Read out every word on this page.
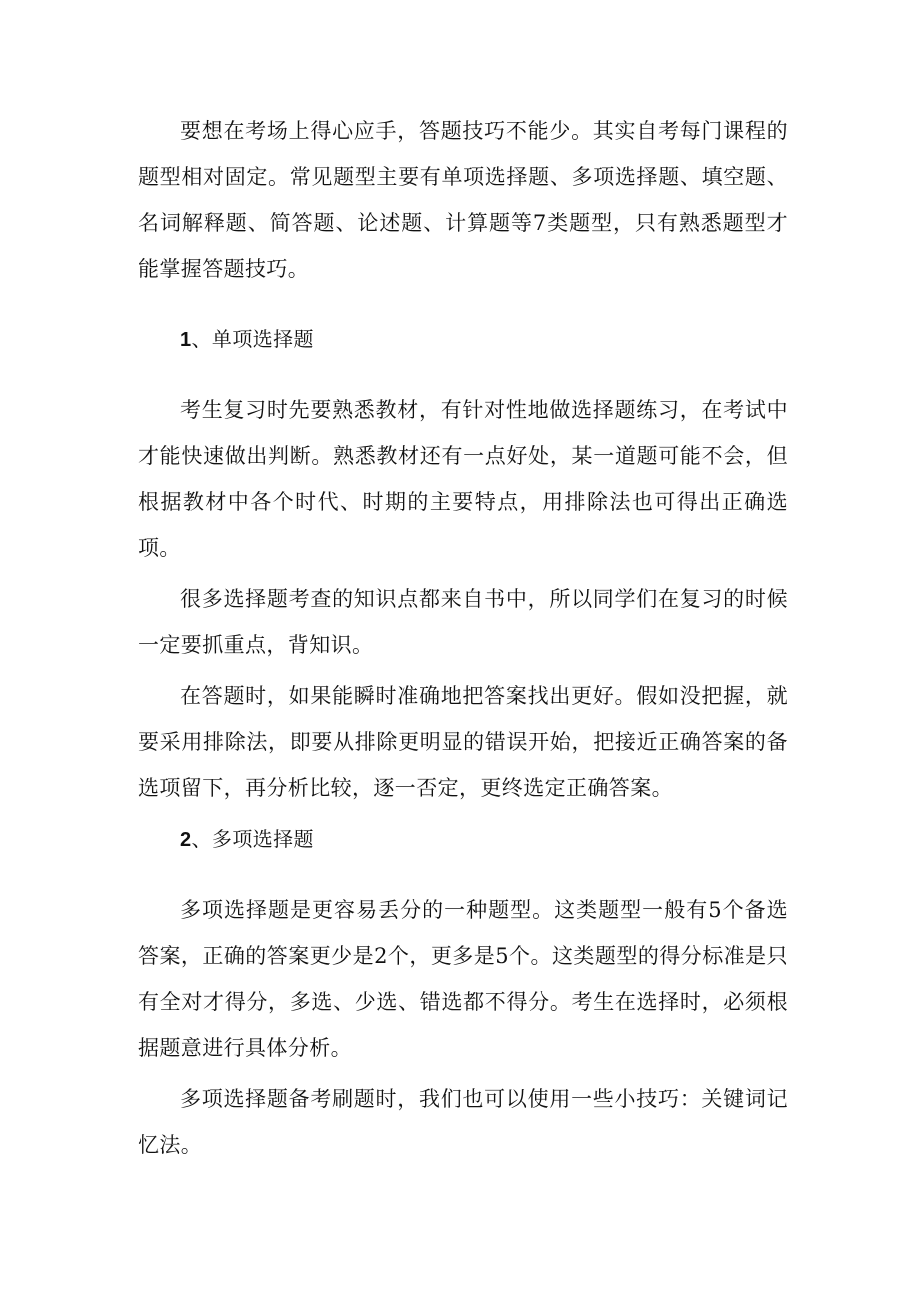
要想在考场上得心应手，答题技巧不能少。其实自考每门课程的题型相对固定。常见题型主要有单项选择题、多项选择题、填空题、名词解释题、简答题、论述题、计算题等7类题型，只有熟悉题型才能掌握答题技巧。

1、单项选择题

考生复习时先要熟悉教材，有针对性地做选择题练习，在考试中才能快速做出判断。熟悉教材还有一点好处，某一道题可能不会，但根据教材中各个时代、时期的主要特点，用排除法也可得出正确选项。

很多选择题考查的知识点都来自书中，所以同学们在复习的时候一定要抓重点，背知识。

在答题时，如果能瞬时准确地把答案找出更好。假如没把握，就要采用排除法，即要从排除更明显的错误开始，把接近正确答案的备选项留下，再分析比较，逐一否定，更终选定正确答案。

2、多项选择题

多项选择题是更容易丢分的一种题型。这类题型一般有5个备选答案，正确的答案更少是2个，更多是5个。这类题型的得分标准是只有全对才得分，多选、少选、错选都不得分。考生在选择时，必须根据题意进行具体分析。

多项选择题备考刷题时，我们也可以使用一些小技巧：关键词记忆法。
